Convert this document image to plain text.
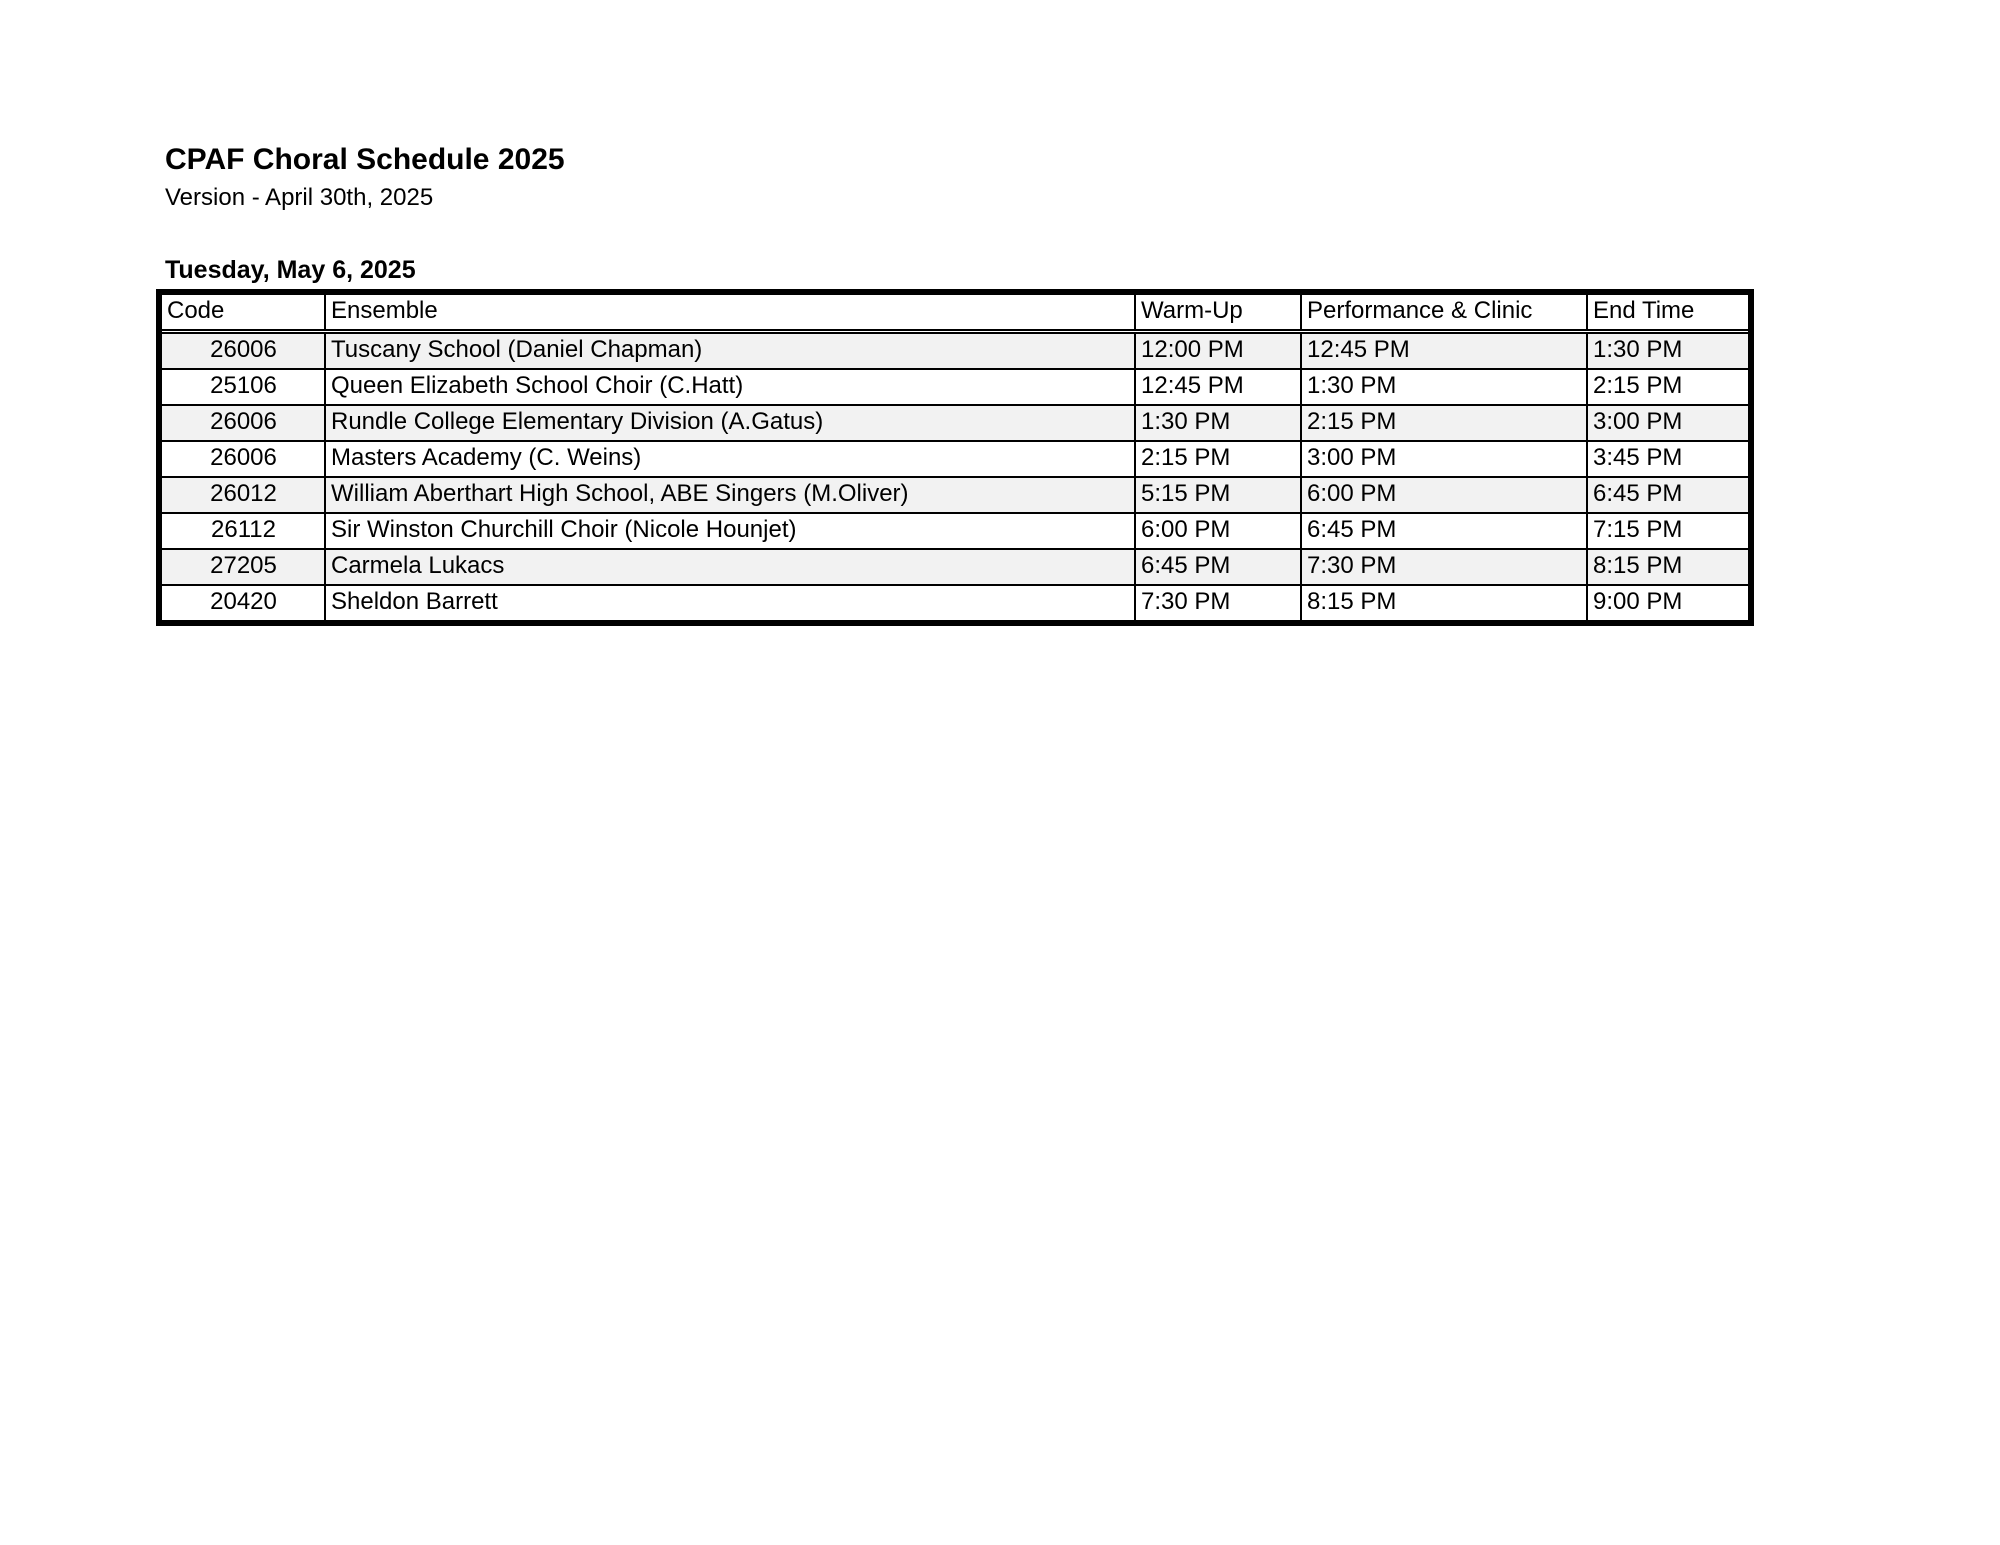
CPAF Choral Schedule 2025
Version - April 30th, 2025
Tuesday, May 6, 2025
Code	Ensemble	Warm-Up	Performance & Clinic	End Time
26006	Tuscany School (Daniel Chapman)	12:00 PM	12:45 PM	1:30 PM
25106	Queen Elizabeth School Choir (C.Hatt)	12:45 PM	1:30 PM	2:15 PM
26006	Rundle College Elementary Division (A.Gatus)	1:30 PM	2:15 PM	3:00 PM
26006	Masters Academy (C. Weins)	2:15 PM	3:00 PM	3:45 PM
26012	William Aberthart High School, ABE Singers (M.Oliver)	5:15 PM	6:00 PM	6:45 PM
26112	Sir Winston Churchill Choir (Nicole Hounjet)	6:00 PM	6:45 PM	7:15 PM
27205	Carmela Lukacs	6:45 PM	7:30 PM	8:15 PM
20420	Sheldon Barrett	7:30 PM	8:15 PM	9:00 PM
